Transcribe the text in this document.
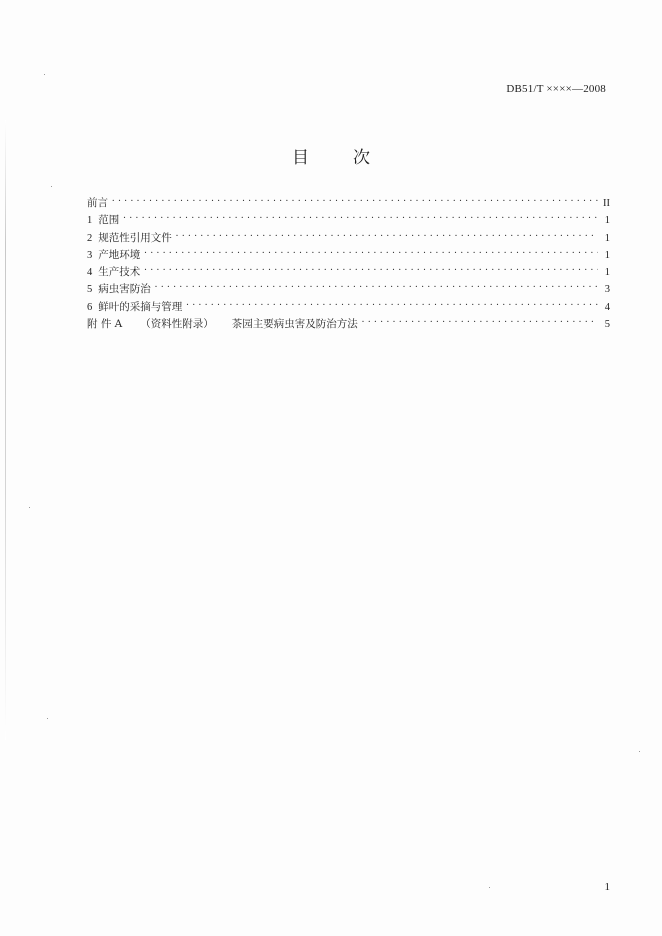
DB51/T ××××—2008
目	次
前言 . . .	II
1 范围 . . .	1
2 规范性引用文件 . . .	1
3 产地环境 . . .	1
4 生产技术 . . .	1
5 病虫害防治 . . .	3
6 鲜叶的采摘与管理 . . .	4
附 件 A （资料性附录） 茶园主要病虫害及防治方法 . . .	5
1
